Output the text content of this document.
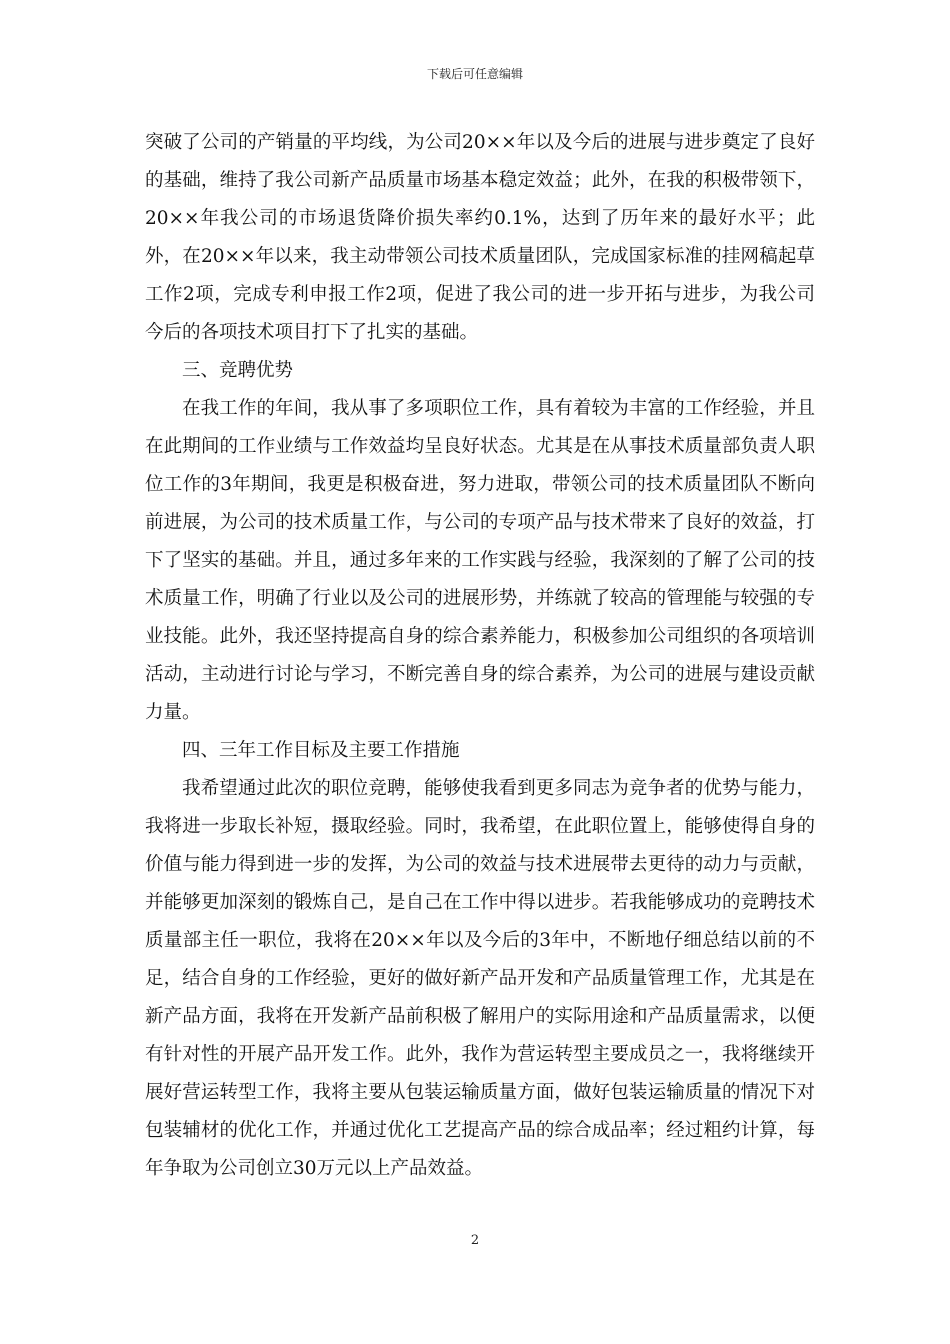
下载后可任意编辑

突破了公司的产销量的平均线，为公司20××年以及今后的进展与进步奠定了良好的基础，维持了我公司新产品质量市场基本稳定效益；此外，在我的积极带领下，20××年我公司的市场退货降价损失率约0.1%，达到了历年来的最好水平；此外，在20××年以来，我主动带领公司技术质量团队，完成国家标准的挂网稿起草工作2项，完成专利申报工作2项，促进了我公司的进一步开拓与进步，为我公司今后的各项技术项目打下了扎实的基础。

三、竞聘优势

在我工作的年间，我从事了多项职位工作，具有着较为丰富的工作经验，并且在此期间的工作业绩与工作效益均呈良好状态。尤其是在从事技术质量部负责人职位工作的3年期间，我更是积极奋进，努力进取，带领公司的技术质量团队不断向前进展，为公司的技术质量工作，与公司的专项产品与技术带来了良好的效益，打下了坚实的基础。并且，通过多年来的工作实践与经验，我深刻的了解了公司的技术质量工作，明确了行业以及公司的进展形势，并练就了较高的管理能与较强的专业技能。此外，我还坚持提高自身的综合素养能力，积极参加公司组织的各项培训活动，主动进行讨论与学习，不断完善自身的综合素养，为公司的进展与建设贡献力量。

四、三年工作目标及主要工作措施

我希望通过此次的职位竞聘，能够使我看到更多同志为竞争者的优势与能力，我将进一步取长补短，摄取经验。同时，我希望，在此职位置上，能够使得自身的价值与能力得到进一步的发挥，为公司的效益与技术进展带去更待的动力与贡献，并能够更加深刻的锻炼自己，是自己在工作中得以进步。若我能够成功的竞聘技术质量部主任一职位，我将在20××年以及今后的3年中，不断地仔细总结以前的不足，结合自身的工作经验，更好的做好新产品开发和产品质量管理工作，尤其是在新产品方面，我将在开发新产品前积极了解用户的实际用途和产品质量需求，以便有针对性的开展产品开发工作。此外，我作为营运转型主要成员之一，我将继续开展好营运转型工作，我将主要从包装运输质量方面，做好包装运输质量的情况下对包装辅材的优化工作，并通过优化工艺提高产品的综合成品率；经过粗约计算，每年争取为公司创立30万元以上产品效益。

2
